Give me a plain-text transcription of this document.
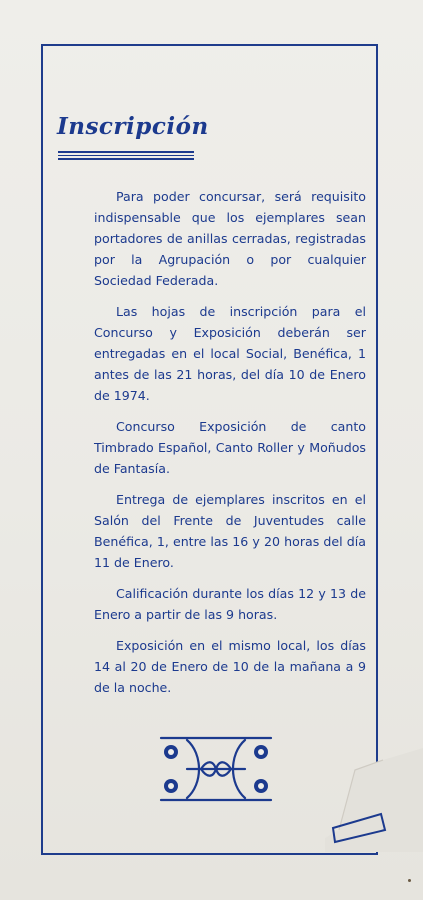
Inscripción

Para poder concursar, será requisito indispensable que los ejemplares sean portadores de anillas cerradas, registradas por la Agrupación o por cualquier Sociedad Federada.

Las hojas de inscripción para el Concurso y Exposición deberán ser entregadas en el local Social, Benéfica, 1 antes de las 21 horas, del día 10 de Enero de 1974.

Concurso Exposición de canto Timbrado Español, Canto Roller y Moñudos de Fantasía.

Entrega de ejemplares inscritos en el Salón del Frente de Juventudes calle Benéfica, 1, entre las 16 y 20 horas del día 11 de Enero.

Calificación durante los días 12 y 13 de Enero a partir de las 9 horas.

Exposición en el mismo local, los días 14 al 20 de Enero de 10 de la mañana a 9 de la noche.
